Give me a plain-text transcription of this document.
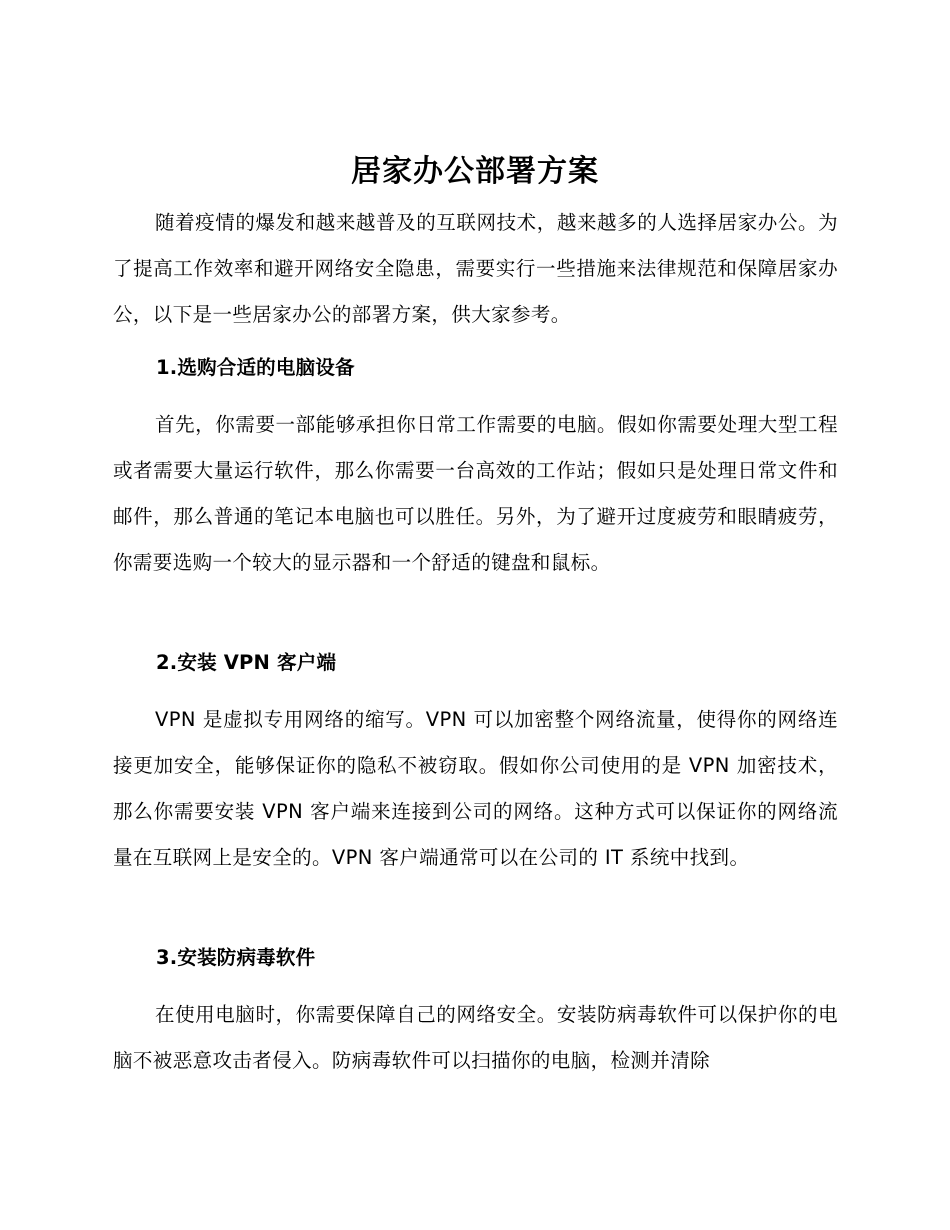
居家办公部署方案

随着疫情的爆发和越来越普及的互联网技术，越来越多的人选择居家办公。为了提高工作效率和避开网络安全隐患，需要实行一些措施来法律规范和保障居家办公，以下是一些居家办公的部署方案，供大家参考。

1.选购合适的电脑设备

首先，你需要一部能够承担你日常工作需要的电脑。假如你需要处理大型工程或者需要大量运行软件，那么你需要一台高效的工作站；假如只是处理日常文件和邮件，那么普通的笔记本电脑也可以胜任。另外，为了避开过度疲劳和眼睛疲劳，你需要选购一个较大的显示器和一个舒适的键盘和鼠标。

2.安装 VPN 客户端

VPN 是虚拟专用网络的缩写。VPN 可以加密整个网络流量，使得你的网络连接更加安全，能够保证你的隐私不被窃取。假如你公司使用的是 VPN 加密技术，那么你需要安装 VPN 客户端来连接到公司的网络。这种方式可以保证你的网络流量在互联网上是安全的。VPN 客户端通常可以在公司的 IT 系统中找到。

3.安装防病毒软件

在使用电脑时，你需要保障自己的网络安全。安装防病毒软件可以保护你的电脑不被恶意攻击者侵入。防病毒软件可以扫描你的电脑，检测并清除
